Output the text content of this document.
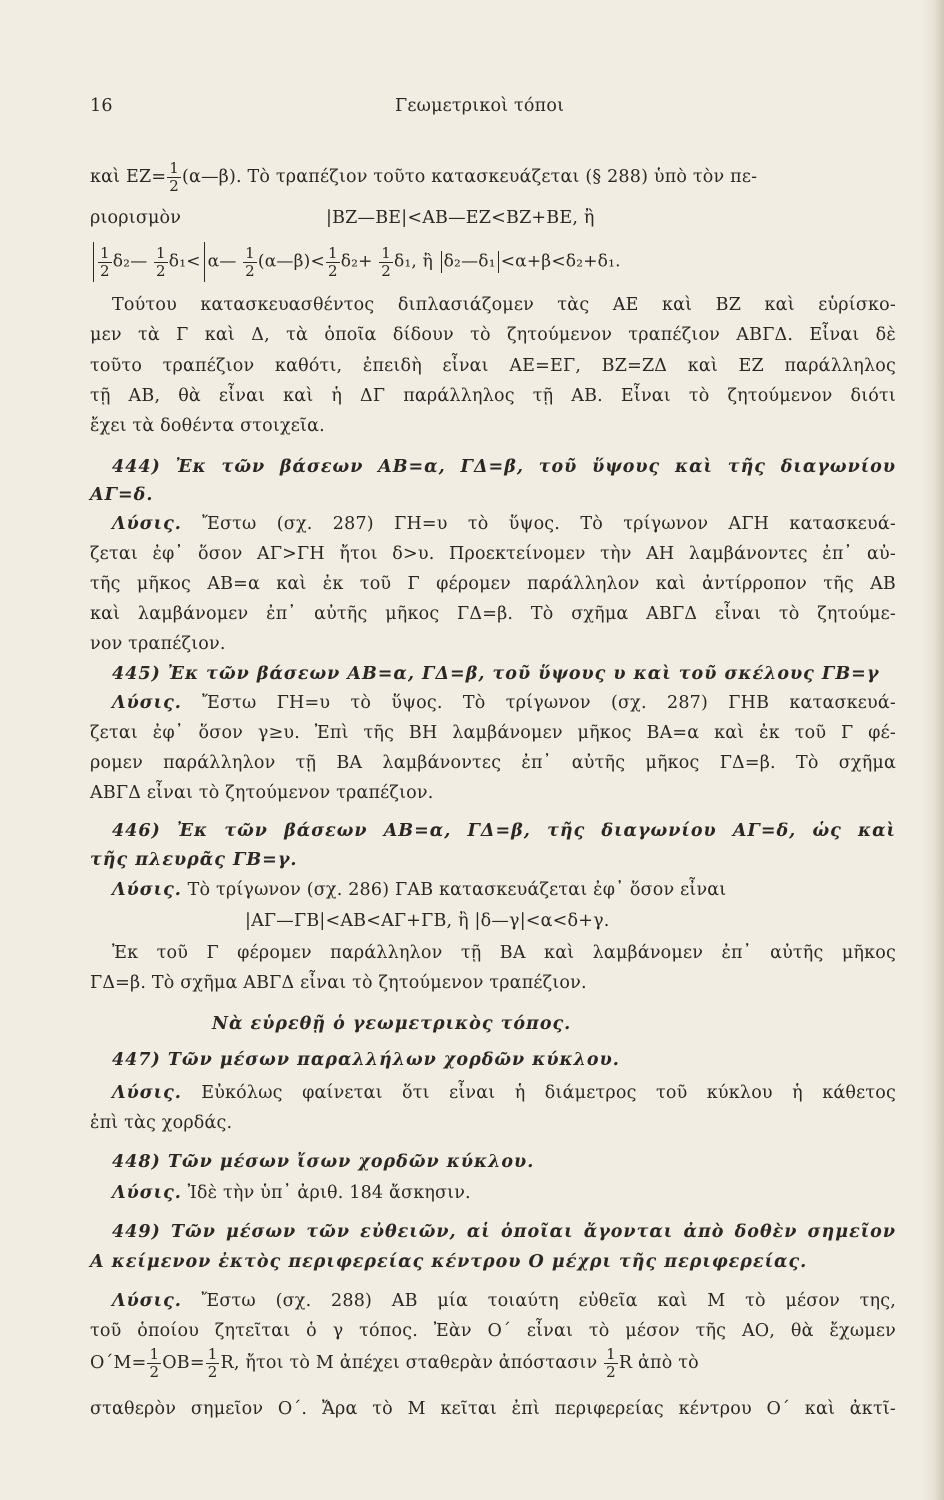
16	Γεωμετρικοὶ τόποι
καὶ $EZ= \frac{1}{2}$ (α—β). Τὸ τραπέζιον τοῦτο κατασκευάζεται (§ 288) ὑπὸ τὸν πε-
ριορισμὸν	|ΒΖ—ΒΕ|<ΑΒ—ΕΖ<ΒΖ+ΒΕ, ἢ
$\frac{1}{2}$ δ₂— $\frac{1}{2} \delta_1<$ α— $\frac{1}{2}$ (α—β)< $\frac{1}{2} \delta_2+ \frac{1}{2} \delta_1$, ἢ δ₂—δ₁ <α+β<δ₂+δ₁.
Τούτου κατασκευασθέντος διπλασιάζομεν τὰς ΑΕ καὶ ΒΖ καὶ εὑρίσκο-
μεν τὰ Γ καὶ Δ, τὰ ὁποῖα δίδουν τὸ ζητούμενον τραπέζιον ΑΒΓΔ. Εἶναι δὲ
τοῦτο τραπέζιον καθότι, ἐπειδὴ εἶναι ΑΕ=ΕΓ, ΒΖ=ΖΔ καὶ ΕΖ παράλληλος
τῇ ΑΒ, θὰ εἶναι καὶ ἡ ΔΓ παράλληλος τῇ ΑΒ. Εἶναι τὸ ζητούμενον διότι
ἔχει τὰ δοθέντα στοιχεῖα.
444) Ἐκ τῶν βάσεων ΑΒ=α, ΓΔ=β, τοῦ ὕψους καὶ τῆς διαγωνίου
ΑΓ=δ.
Λύσις. Ἔστω (σχ. 287) ΓΗ=υ τὸ ὕψος. Τὸ τρίγωνον ΑΓΗ κατασκευά-
ζεται ἐφ᾽ ὅσον ΑΓ>ΓΗ ἤτοι δ>υ. Προεκτείνομεν τὴν ΑΗ λαμβάνοντες ἐπ᾽ αὐ-
τῆς μῆκος ΑΒ=α καὶ ἐκ τοῦ Γ φέρομεν παράλληλον καὶ ἀντίρροπον τῆς ΑΒ
καὶ λαμβάνομεν ἐπ᾽ αὐτῆς μῆκος ΓΔ=β. Τὸ σχῆμα ΑΒΓΔ εἶναι τὸ ζητούμε-
νον τραπέζιον.
445) Ἐκ τῶν βάσεων ΑΒ=α, ΓΔ=β, τοῦ ὕψους υ καὶ τοῦ σκέλους ΓΒ=γ
Λύσις. Ἔστω ΓΗ=υ τὸ ὕψος. Τὸ τρίγωνον (σχ. 287) ΓΗΒ κατασκευά-
ζεται ἐφ᾽ ὅσον γ≥υ. Ἐπὶ τῆς ΒΗ λαμβάνομεν μῆκος ΒΑ=α καὶ ἐκ τοῦ Γ φέ-
ρομεν παράλληλον τῇ ΒΑ λαμβάνοντες ἐπ᾽ αὐτῆς μῆκος ΓΔ=β. Τὸ σχῆμα
ΑΒΓΔ εἶναι τὸ ζητούμενον τραπέζιον.
446) Ἐκ τῶν βάσεων ΑΒ=α, ΓΔ=β, τῆς διαγωνίου ΑΓ=δ, ὡς καὶ
τῆς πλευρᾶς ΓΒ=γ.
Λύσις. Τὸ τρίγωνον (σχ. 286) ΓΑΒ κατασκευάζεται ἐφ᾽ ὅσον εἶναι
|ΑΓ—ΓΒ|<ΑΒ<ΑΓ+ΓΒ, ἢ |δ—γ|<α<δ+γ.
Ἐκ τοῦ Γ φέρομεν παράλληλον τῇ ΒΑ καὶ λαμβάνομεν ἐπ᾽ αὐτῆς μῆκος
ΓΔ=β. Τὸ σχῆμα ΑΒΓΔ εἶναι τὸ ζητούμενον τραπέζιον.
Νὰ εὑρεθῇ ὁ γεωμετρικὸς τόπος.
447) Τῶν μέσων παραλλήλων χορδῶν κύκλου.
Λύσις. Εὐκόλως φαίνεται ὅτι εἶναι ἡ διάμετρος τοῦ κύκλου ἡ κάθετος
ἐπὶ τὰς χορδάς.
448) Τῶν μέσων ἴσων χορδῶν κύκλου.
Λύσις. Ἰδὲ τὴν ὑπ᾽ ἀριθ. 184 ἄσκησιν.
449) Τῶν μέσων τῶν εὐθειῶν, αἱ ὁποῖαι ἄγονται ἀπὸ δοθὲν σημεῖον
Α κείμενον ἐκτὸς περιφερείας κέντρου Ο μέχρι τῆς περιφερείας.
Λύσις. Ἔστω (σχ. 288) ΑΒ μία τοιαύτη εὐθεῖα καὶ Μ τὸ μέσον της,
τοῦ ὁποίου ζητεῖται ὁ γ τόπος. Ἐὰν Ο΄ εἶναι τὸ μέσον τῆς ΑΟ, θὰ ἔχωμεν
$O΄M= \frac{1}{2} OB= \frac{1}{2} R$, ἤτοι τὸ Μ ἀπέχει σταθερὰν ἀπόστασιν $\frac{1}{2}$ R ἀπὸ τὸ
σταθερὸν σημεῖον Ο΄. Ἄρα τὸ Μ κεῖται ἐπὶ περιφερείας κέντρου Ο΄ καὶ ἀκτῖ-
